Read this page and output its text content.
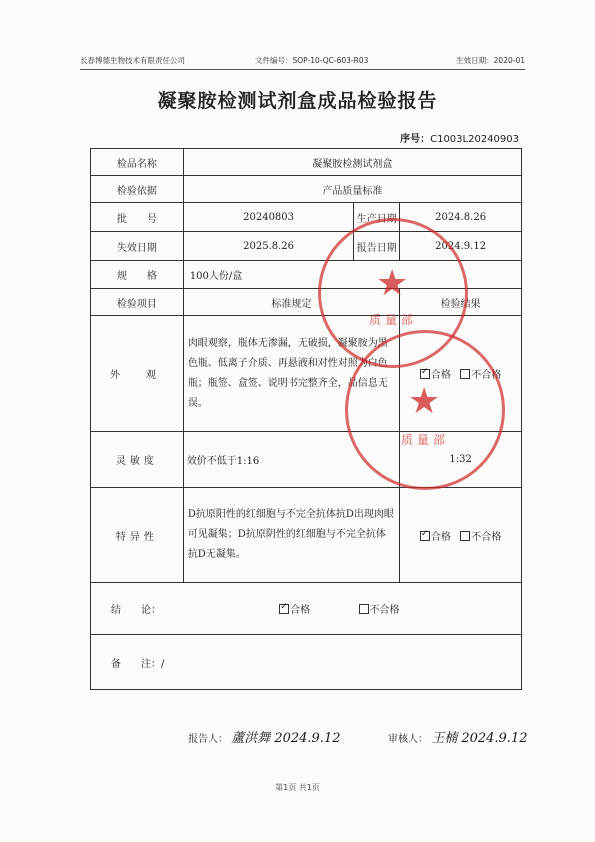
长春博德生物技术有限责任公司	文件编号：SOP-10-QC-603-R03	生效日期：2020-01
凝聚胺检测试剂盒成品检验报告
序号：C1003L20240903
检品名称	凝聚胺检测试剂盒		
检验依据	产品质量标准		
批　　号	20240803	生产日期	2024.8.26
失效日期	2025.8.26	报告日期	2024.9.12
规　　格	100人份/盒		
检验项目	标准规定		检验结果
外　观	肉眼观察，瓶体无渗漏，无破损，凝聚胺为黑色瓶、低离子介质、再悬液和对性对照为白色瓶；瓶签、盒签、说明书完整齐全，品信息无误。	✓合格 不合格
灵敏度	效价不低于1:16		1:32
特异性	D抗原阳性的红细胞与不完全抗体抗D出现肉眼可见凝集；D抗原阴性的红细胞与不完全抗体抗D无凝集。	✓合格 不合格
结　　论： ✓ 合格 不合格
备　　注：/			
★
质量部
★
质量部
报告人： 蘆洪舞 2024.9.12	审核人： 王楠 2024.9.12
第1页 共1页
